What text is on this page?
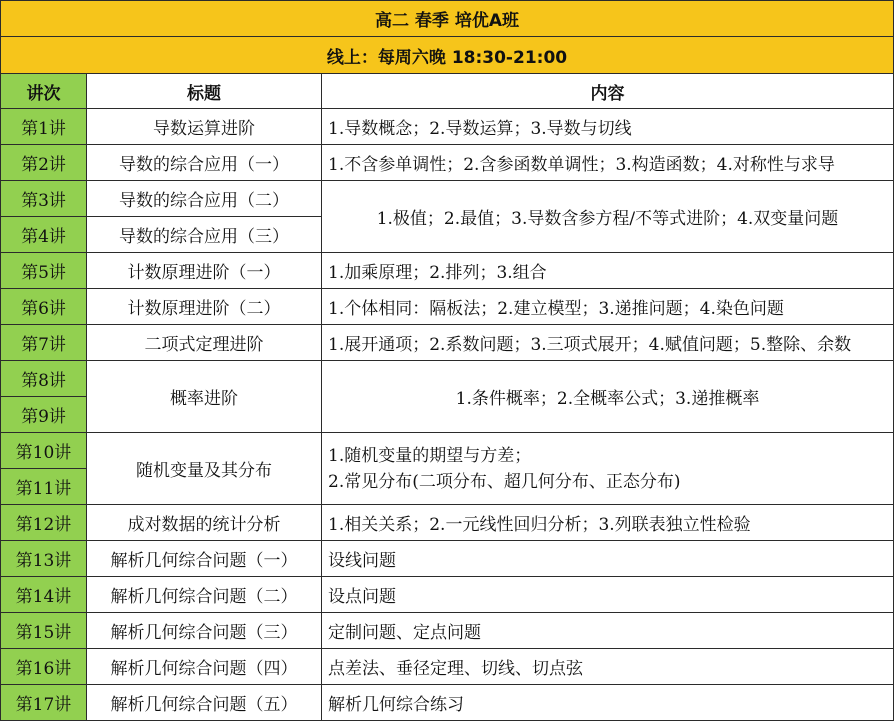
高二 春季 培优A班		
线上：每周六晚 18:30-21:00		
讲次	标题	内容
第1讲	导数运算进阶	1.导数概念；2.导数运算；3.导数与切线
第2讲	导数的综合应用（一）	1.不含参单调性；2.含参函数单调性；3.构造函数；4.对称性与求导
第3讲	导数的综合应用（二）	1.极值；2.最值；3.导数含参方程/不等式进阶；4.双变量问题
第4讲	导数的综合应用（三）	
第5讲	计数原理进阶（一）	1.加乘原理；2.排列；3.组合
第6讲	计数原理进阶（二）	1.个体相同：隔板法；2.建立模型；3.递推问题；4.染色问题
第7讲	二项式定理进阶	1.展开通项；2.系数问题；3.三项式展开；4.赋值问题；5.整除、余数
第8讲	概率进阶	1.条件概率；2.全概率公式；3.递推概率
第9讲		
第10讲	随机变量及其分布	1.随机变量的期望与方差；
2.常见分布(二项分布、超几何分布、正态分布)

第11讲		
第12讲	成对数据的统计分析	1.相关关系；2.一元线性回归分析；3.列联表独立性检验
第13讲	解析几何综合问题（一）	设线问题
第14讲	解析几何综合问题（二）	设点问题
第15讲	解析几何综合问题（三）	定制问题、定点问题
第16讲	解析几何综合问题（四）	点差法、垂径定理、切线、切点弦
第17讲	解析几何综合问题（五）	解析几何综合练习
